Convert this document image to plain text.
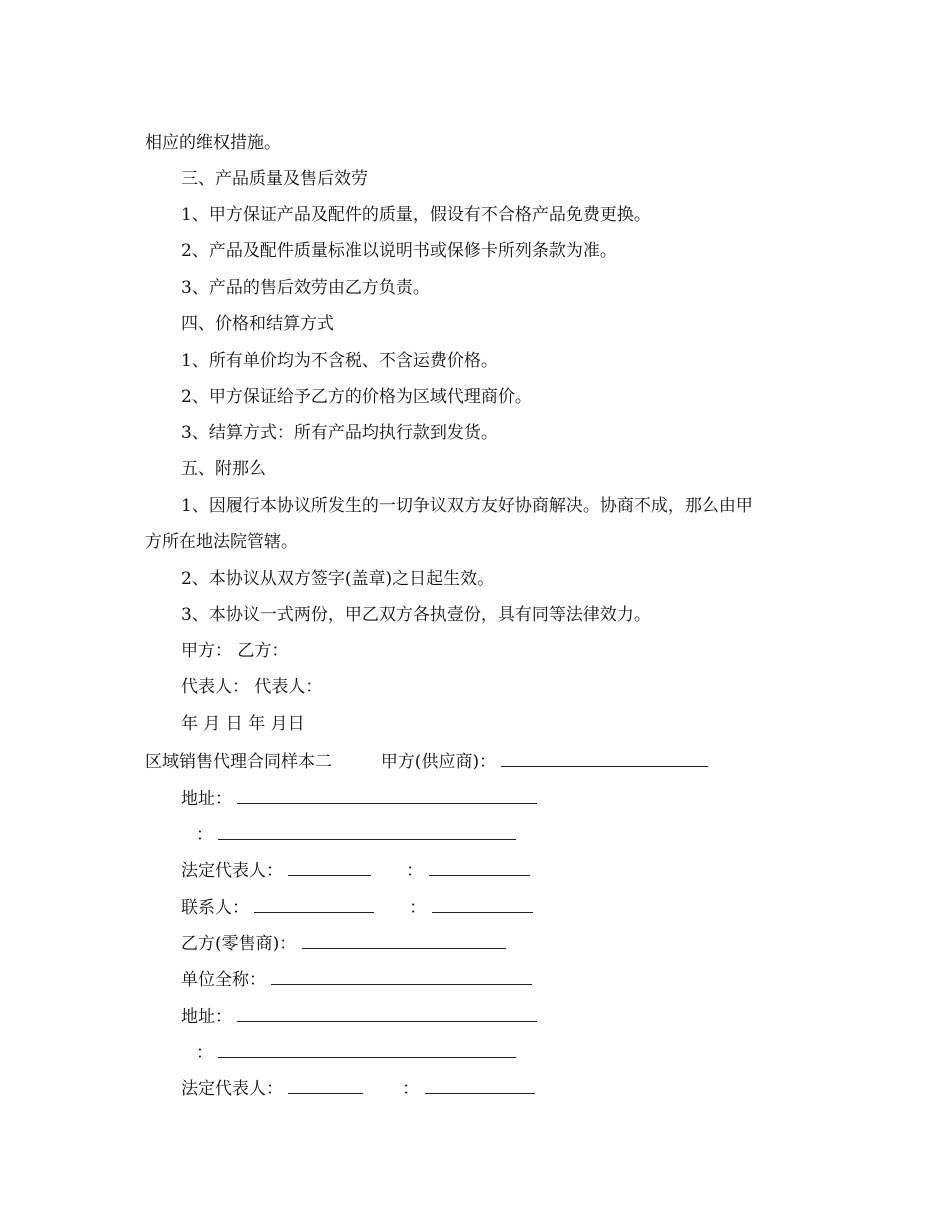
相应的维权措施。
三、产品质量及售后效劳
1、甲方保证产品及配件的质量，假设有不合格产品免费更换。
2、产品及配件质量标准以说明书或保修卡所列条款为准。
3、产品的售后效劳由乙方负责。
四、价格和结算方式
1、所有单价均为不含税、不含运费价格。
2、甲方保证给予乙方的价格为区域代理商价。
3、结算方式：所有产品均执行款到发货。
五、附那么
1、因履行本协议所发生的一切争议双方友好协商解决。协商不成，那么由甲
方所在地法院管辖。
2、本协议从双方签字(盖章)之日起生效。
3、本协议一式两份，甲乙双方各执壹份，具有同等法律效力。
甲方： 乙方：
代表人： 代表人：
年 月 日 年 月日
区域销售代理合同样本二	甲方(供应商)：
地址：
：
法定代表人：	：
联系人：	：
乙方(零售商)：
单位全称：
地址：
：
法定代表人：	：
